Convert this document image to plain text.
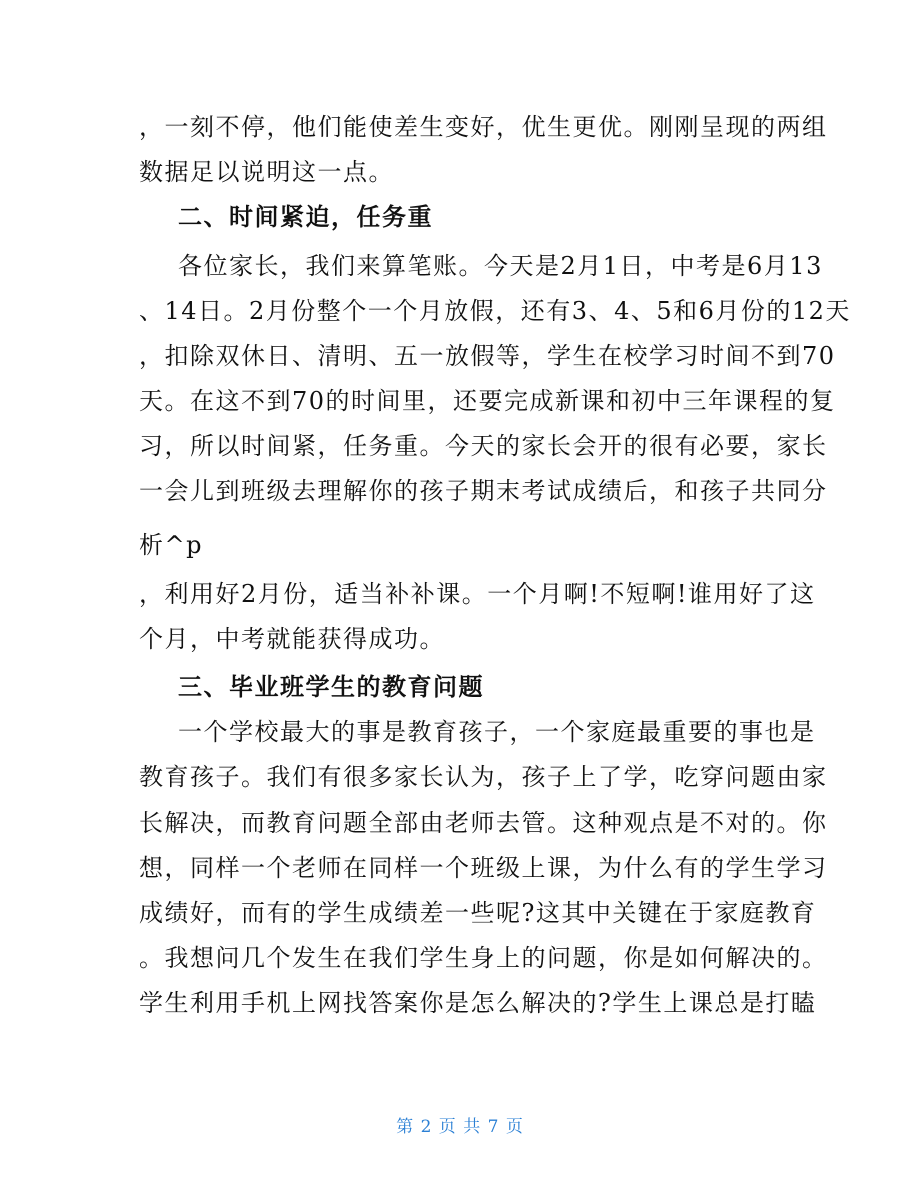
，一刻不停，他们能使差生变好，优生更优。刚刚呈现的两组
数据足以说明这一点。
二、时间紧迫，任务重
各位家长，我们来算笔账。今天是2月1日，中考是6月13
、14日。2月份整个一个月放假，还有3、4、5和6月份的12天
，扣除双休日、清明、五一放假等，学生在校学习时间不到70
天。在这不到70的时间里，还要完成新课和初中三年课程的复
习，所以时间紧，任务重。今天的家长会开的很有必要，家长
一会儿到班级去理解你的孩子期末考试成绩后，和孩子共同分
析^p
，利用好2月份，适当补补课。一个月啊!不短啊!谁用好了这
个月，中考就能获得成功。
三、毕业班学生的教育问题
一个学校最大的事是教育孩子，一个家庭最重要的事也是
教育孩子。我们有很多家长认为，孩子上了学，吃穿问题由家
长解决，而教育问题全部由老师去管。这种观点是不对的。你
想，同样一个老师在同样一个班级上课，为什么有的学生学习
成绩好，而有的学生成绩差一些呢?这其中关键在于家庭教育
。我想问几个发生在我们学生身上的问题，你是如何解决的。
学生利用手机上网找答案你是怎么解决的?学生上课总是打瞌
第 2 页 共 7 页
